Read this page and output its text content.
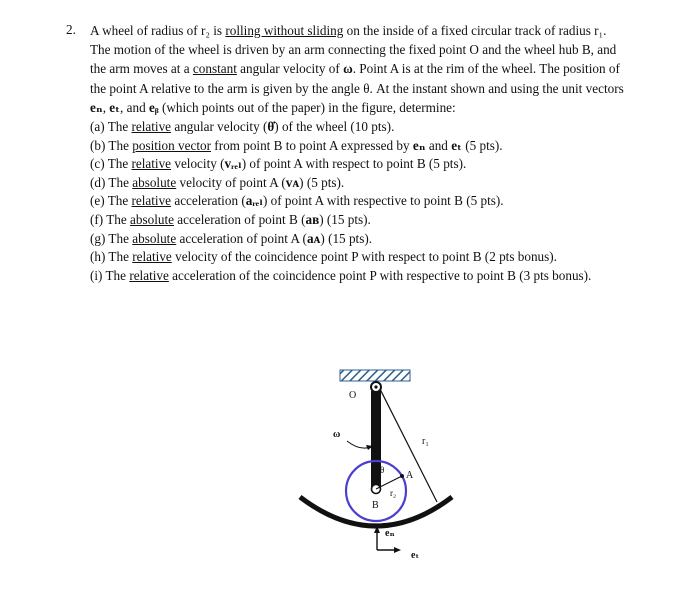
2. A wheel of radius of r₂ is rolling without sliding on the inside of a fixed circular track of radius r₁.
The motion of the wheel is driven by an arm connecting the fixed point O and the wheel hub B, and
the arm moves at a constant angular velocity of ω. Point A is at the rim of the wheel. The position of
the point A relative to the arm is given by the angle θ. At the instant shown and using the unit vectors
eₙ, eₜ, and eᵦ (which points out of the paper) in the figure, determine:
(a) The relative angular velocity (θ̇) of the wheel (10 pts).
(b) The position vector from point B to point A expressed by eₙ and eₜ (5 pts).
(c) The relative velocity (vᵣₑₗ) of point A with respect to point B (5 pts).
(d) The absolute velocity of point A (vᴀ) (5 pts).
(e) The relative acceleration (aᵣₑₗ) of point A with respective to point B (5 pts).
(f) The absolute acceleration of point B (aʙ) (15 pts).
(g) The absolute acceleration of point A (aᴀ) (15 pts).
(h) The relative velocity of the coincidence point P with respect to point B (2 pts bonus).
(i) The relative acceleration of the coincidence point P with respective to point B (3 pts bonus).
O
r₁
ω
B
θ
r₂
A
eₙ
eₜ
